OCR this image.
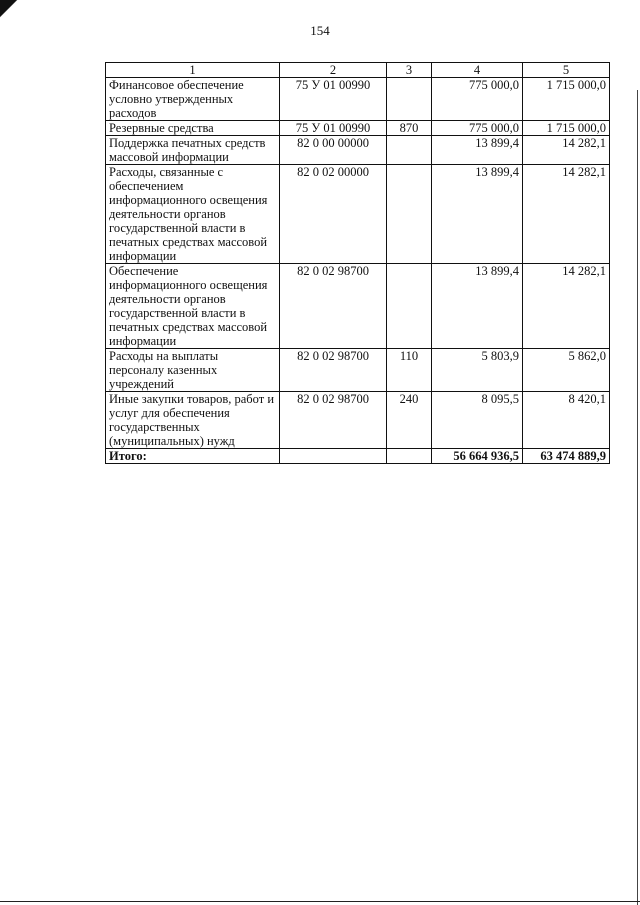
154
1	2	3	4	5
Финансовое обеспечение условно утвержденных расходов	75 У 01 00990		775 000,0	1 715 000,0
Резервные средства	75 У 01 00990	870	775 000,0	1 715 000,0
Поддержка печатных средств массовой информации	82 0 00 00000		13 899,4	14 282,1
Расходы, связанные с обеспечением информационного освещения деятельности органов государственной власти в печатных средствах массовой информации	82 0 02 00000		13 899,4	14 282,1
Обеспечение информационного освещения деятельности органов государственной власти в печатных средствах массовой информации	82 0 02 98700		13 899,4	14 282,1
Расходы на выплаты персоналу казенных учреждений	82 0 02 98700	110	5 803,9	5 862,0
Иные закупки товаров, работ и услуг для обеспечения государственных (муниципальных) нужд	82 0 02 98700	240	8 095,5	8 420,1
Итого:			56 664 936,5	63 474 889,9
